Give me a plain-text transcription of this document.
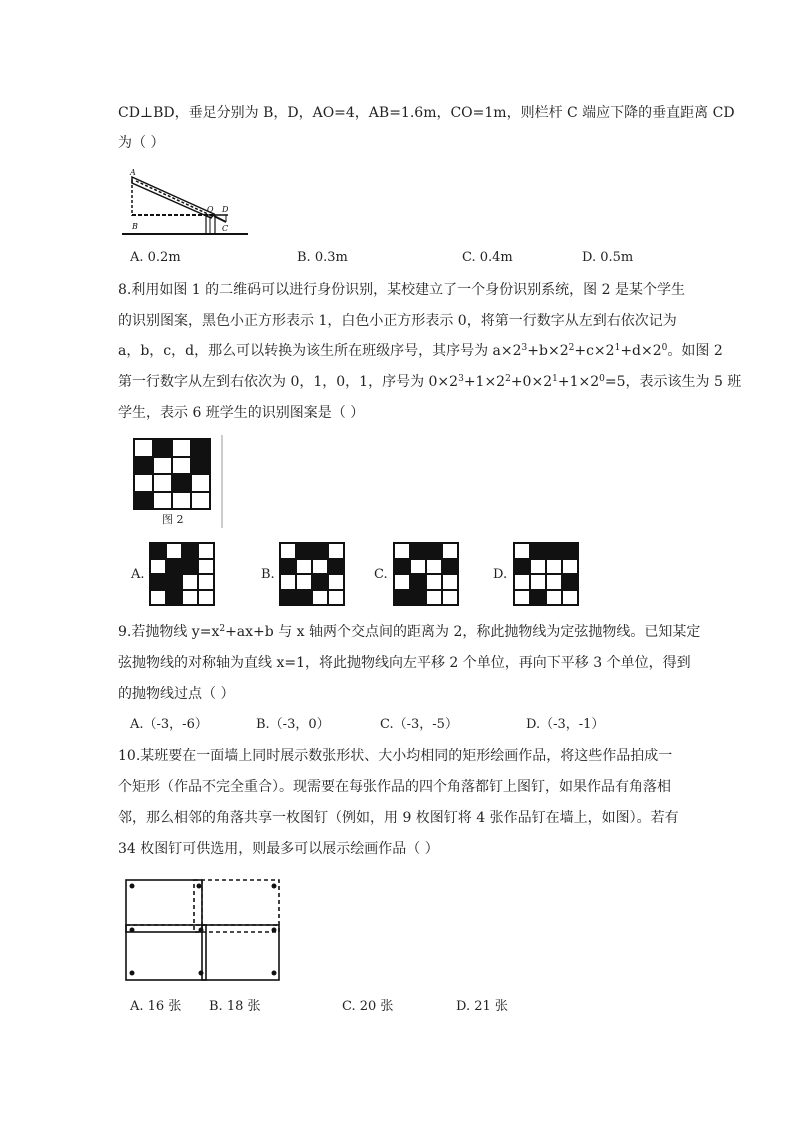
CD⊥BD，垂足分别为 B，D，AO=4，AB=1.6m，CO=1m，则栏杆 C 端应下降的垂直距离 CD
为（ ）
A
B
O D
C
A. 0.2m	B. 0.3m	C. 0.4m	D. 0.5m
8.利用如图 1 的二维码可以进行身份识别，某校建立了一个身份识别系统，图 2 是某个学生
的识别图案，黑色小正方形表示 1，白色小正方形表示 0，将第一行数字从左到右依次记为
a，b，c，d，那么可以转换为该生所在班级序号，其序号为 $a\times 2^3+b\times 2^2+c\times 2^1+d\times 2^0$。如图 2
第一行数字从左到右依次为 0，1，0，1，序号为 $0\times 2^3+1\times 2^2+0\times 2^1+1\times 2^0=5$，表示该生为 5 班
学生，表示 6 班学生的识别图案是（ ）
图 2
A.	B.	C.	D.
9.若抛物线 $y=x^2+ax+b$ 与 x 轴两个交点间的距离为 2，称此抛物线为定弦抛物线。已知某定
弦抛物线的对称轴为直线 x=1，将此抛物线向左平移 2 个单位，再向下平移 3 个单位，得到
的抛物线过点（ ）
A.（-3，-6）	B.（-3，0）	C.（-3，-5）	D.（-3，-1）
10.某班要在一面墙上同时展示数张形状、大小均相同的矩形绘画作品，将这些作品拍成一
个矩形（作品不完全重合）。现需要在每张作品的四个角落都钉上图钉，如果作品有角落相
邻，那么相邻的角落共享一枚图钉（例如，用 9 枚图钉将 4 张作品钉在墙上，如图）。若有
34 枚图钉可供选用，则最多可以展示绘画作品（ ）
A. 16 张 B. 18 张	C. 20 张	D. 21 张
